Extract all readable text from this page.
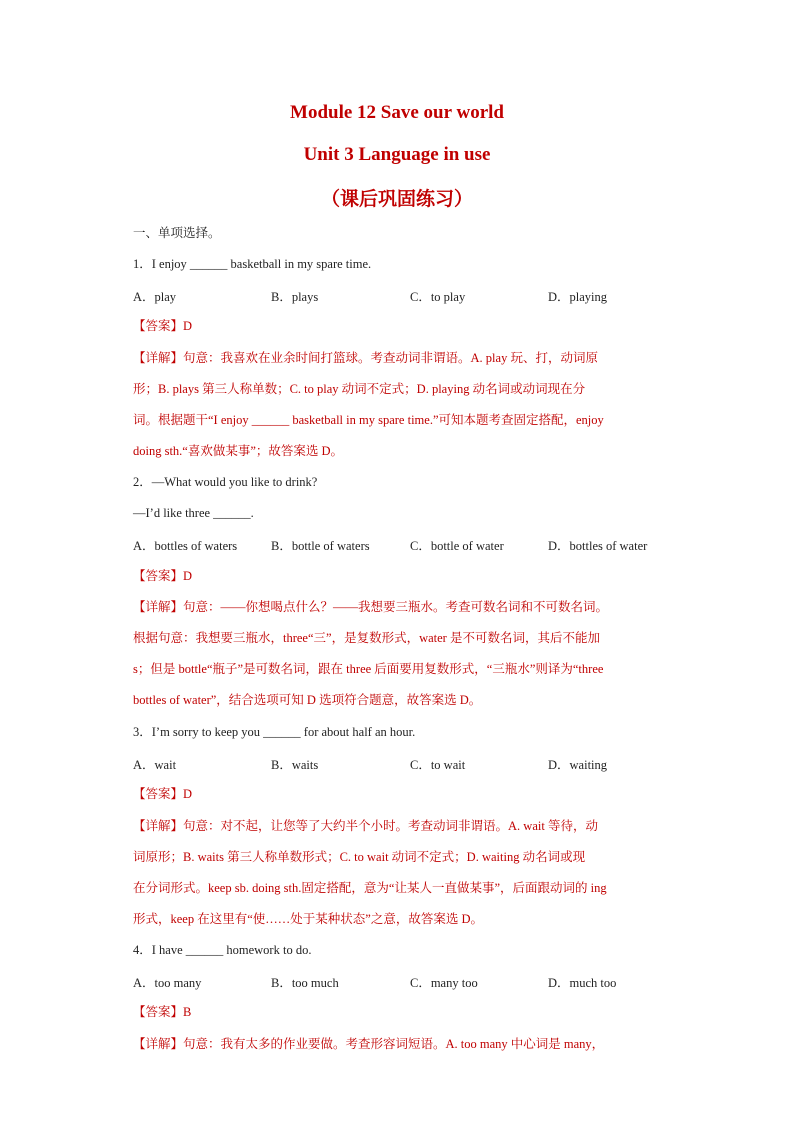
Module 12 Save our world
Unit 3 Language in use
（课后巩固练习）
一、单项选择。
1．I enjoy ______ basketball in my spare time.
A．play	B．plays	C．to play	D．playing
【答案】D
【详解】句意：我喜欢在业余时间打篮球。考查动词非谓语。A. play 玩、打，动词原
形；B. plays 第三人称单数；C. to play 动词不定式；D. playing 动名词或动词现在分
词。根据题干“I enjoy ______ basketball in my spare time.”可知本题考查固定搭配，enjoy
doing sth.“喜欢做某事”；故答案选 D。
2．—What would you like to drink?
—I’d like three ______.
A．bottles of waters	B．bottle of waters	C．bottle of water	D．bottles of water
【答案】D
【详解】句意：——你想喝点什么？——我想要三瓶水。考查可数名词和不可数名词。
根据句意：我想要三瓶水，three“三”，是复数形式，water 是不可数名词，其后不能加
s；但是 bottle“瓶子”是可数名词，跟在 three 后面要用复数形式，“三瓶水”则译为“three
bottles of water”，结合选项可知 D 选项符合题意，故答案选 D。
3．I’m sorry to keep you ______ for about half an hour.
A．wait	B．waits	C．to wait	D．waiting
【答案】D
【详解】句意：对不起，让您等了大约半个小时。考查动词非谓语。A. wait 等待，动
词原形；B. waits 第三人称单数形式；C. to wait 动词不定式；D. waiting 动名词或现
在分词形式。keep sb. doing sth.固定搭配，意为“让某人一直做某事”，后面跟动词的 ing
形式，keep 在这里有“使……处于某种状态”之意，故答案选 D。
4．I have ______ homework to do.
A．too many	B．too much	C．many too	D．much too
【答案】B
【详解】句意：我有太多的作业要做。考查形容词短语。A. too many 中心词是 many，
